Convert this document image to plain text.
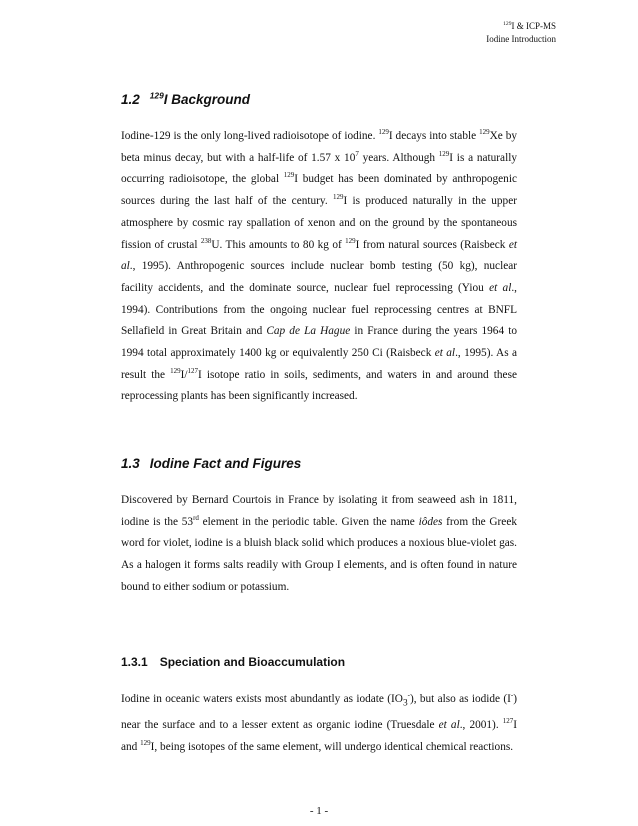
$^{129}$I & ICP-MS
Iodine Introduction
1.2 $^{129}$I Background

Iodine-129 is the only long-lived radioisotope of iodine. $^{129}$I decays into stable $^{129}$Xe by beta minus decay, but with a half-life of 1.57 x $10^7$ years. Although $^{129}$I is a naturally occurring radioisotope, the global $^{129}$I budget has been dominated by anthropogenic sources during the last half of the century. $^{129}$I is produced naturally in the upper atmosphere by cosmic ray spallation of xenon and on the ground by the spontaneous fission of crustal $^{238}$U. This amounts to 80 kg of $^{129}$I from natural sources (Raisbeck et al., 1995). Anthropogenic sources include nuclear bomb testing (50 kg), nuclear facility accidents, and the dominate source, nuclear fuel reprocessing (Yiou et al., 1994). Contributions from the ongoing nuclear fuel reprocessing centres at BNFL Sellafield in Great Britain and Cap de La Hague in France during the years 1964 to 1994 total approximately 1400 kg or equivalently 250 Ci (Raisbeck et al., 1995). As a result the $^{129}$I/$^{127}$I isotope ratio in soils, sediments, and waters in and around these reprocessing plants has been significantly increased.

1.3 Iodine Fact and Figures

Discovered by Bernard Courtois in France by isolating it from seaweed ash in 1811, iodine is the 53rd element in the periodic table. Given the name iôdes from the Greek word for violet, iodine is a bluish black solid which produces a noxious blue-violet gas. As a halogen it forms salts readily with Group I elements, and is often found in nature bound to either sodium or potassium.

1.3.1 Speciation and Bioaccumulation

Iodine in oceanic waters exists most abundantly as iodate $(IO_3^-)$, but also as iodide (I-) near the surface and to a lesser extent as organic iodine (Truesdale et al., 2001). $^{127}$I and $^{129}$I, being isotopes of the same element, will undergo identical chemical reactions.

- 1 -
